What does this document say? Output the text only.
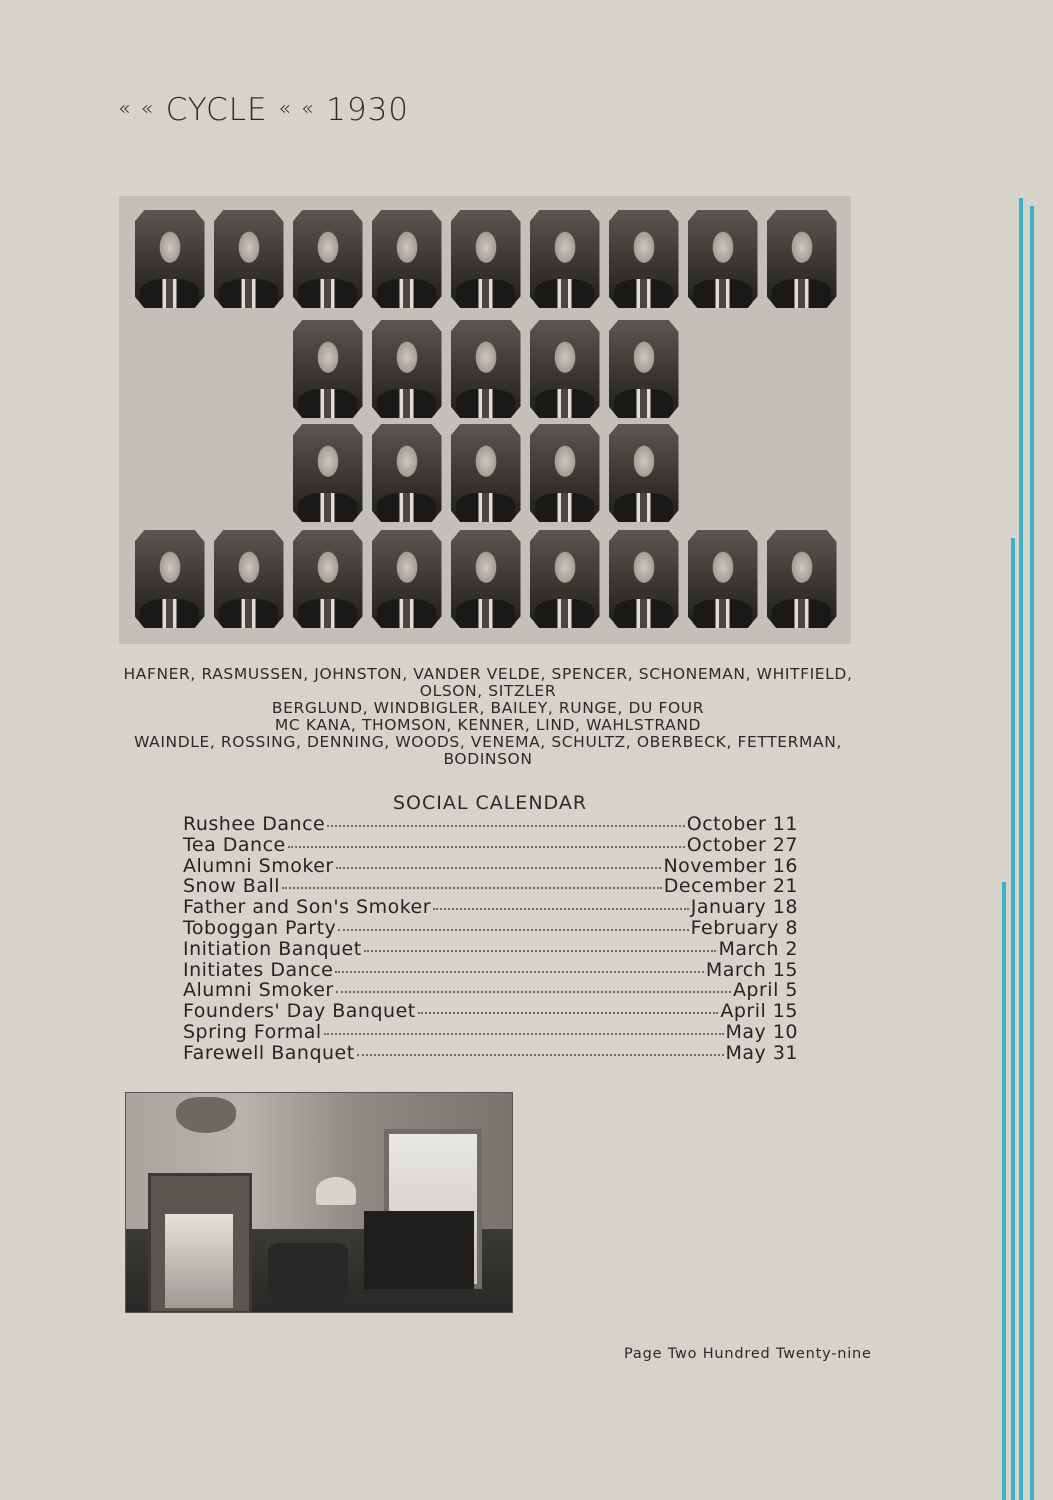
« « CYCLE « « 1930
HAFNER, RASMUSSEN, JOHNSTON, VANDER VELDE, SPENCER, SCHONEMAN, WHITFIELD,
OLSON, SITZLER
BERGLUND, WINDBIGLER, BAILEY, RUNGE, DU FOUR
MC KANA, THOMSON, KENNER, LIND, WAHLSTRAND
WAINDLE, ROSSING, DENNING, WOODS, VENEMA, SCHULTZ, OBERBECK, FETTERMAN,
BODINSON
SOCIAL CALENDAR
Rushee Dance	October 11
Tea Dance	October 27
Alumni Smoker	November 16
Snow Ball	December 21
Father and Son's Smoker	January 18
Toboggan Party	February 8
Initiation Banquet	March 2
Initiates Dance	March 15
Alumni Smoker	April 5
Founders' Day Banquet	April 15
Spring Formal	May 10
Farewell Banquet	May 31
Page Two Hundred Twenty-nine
